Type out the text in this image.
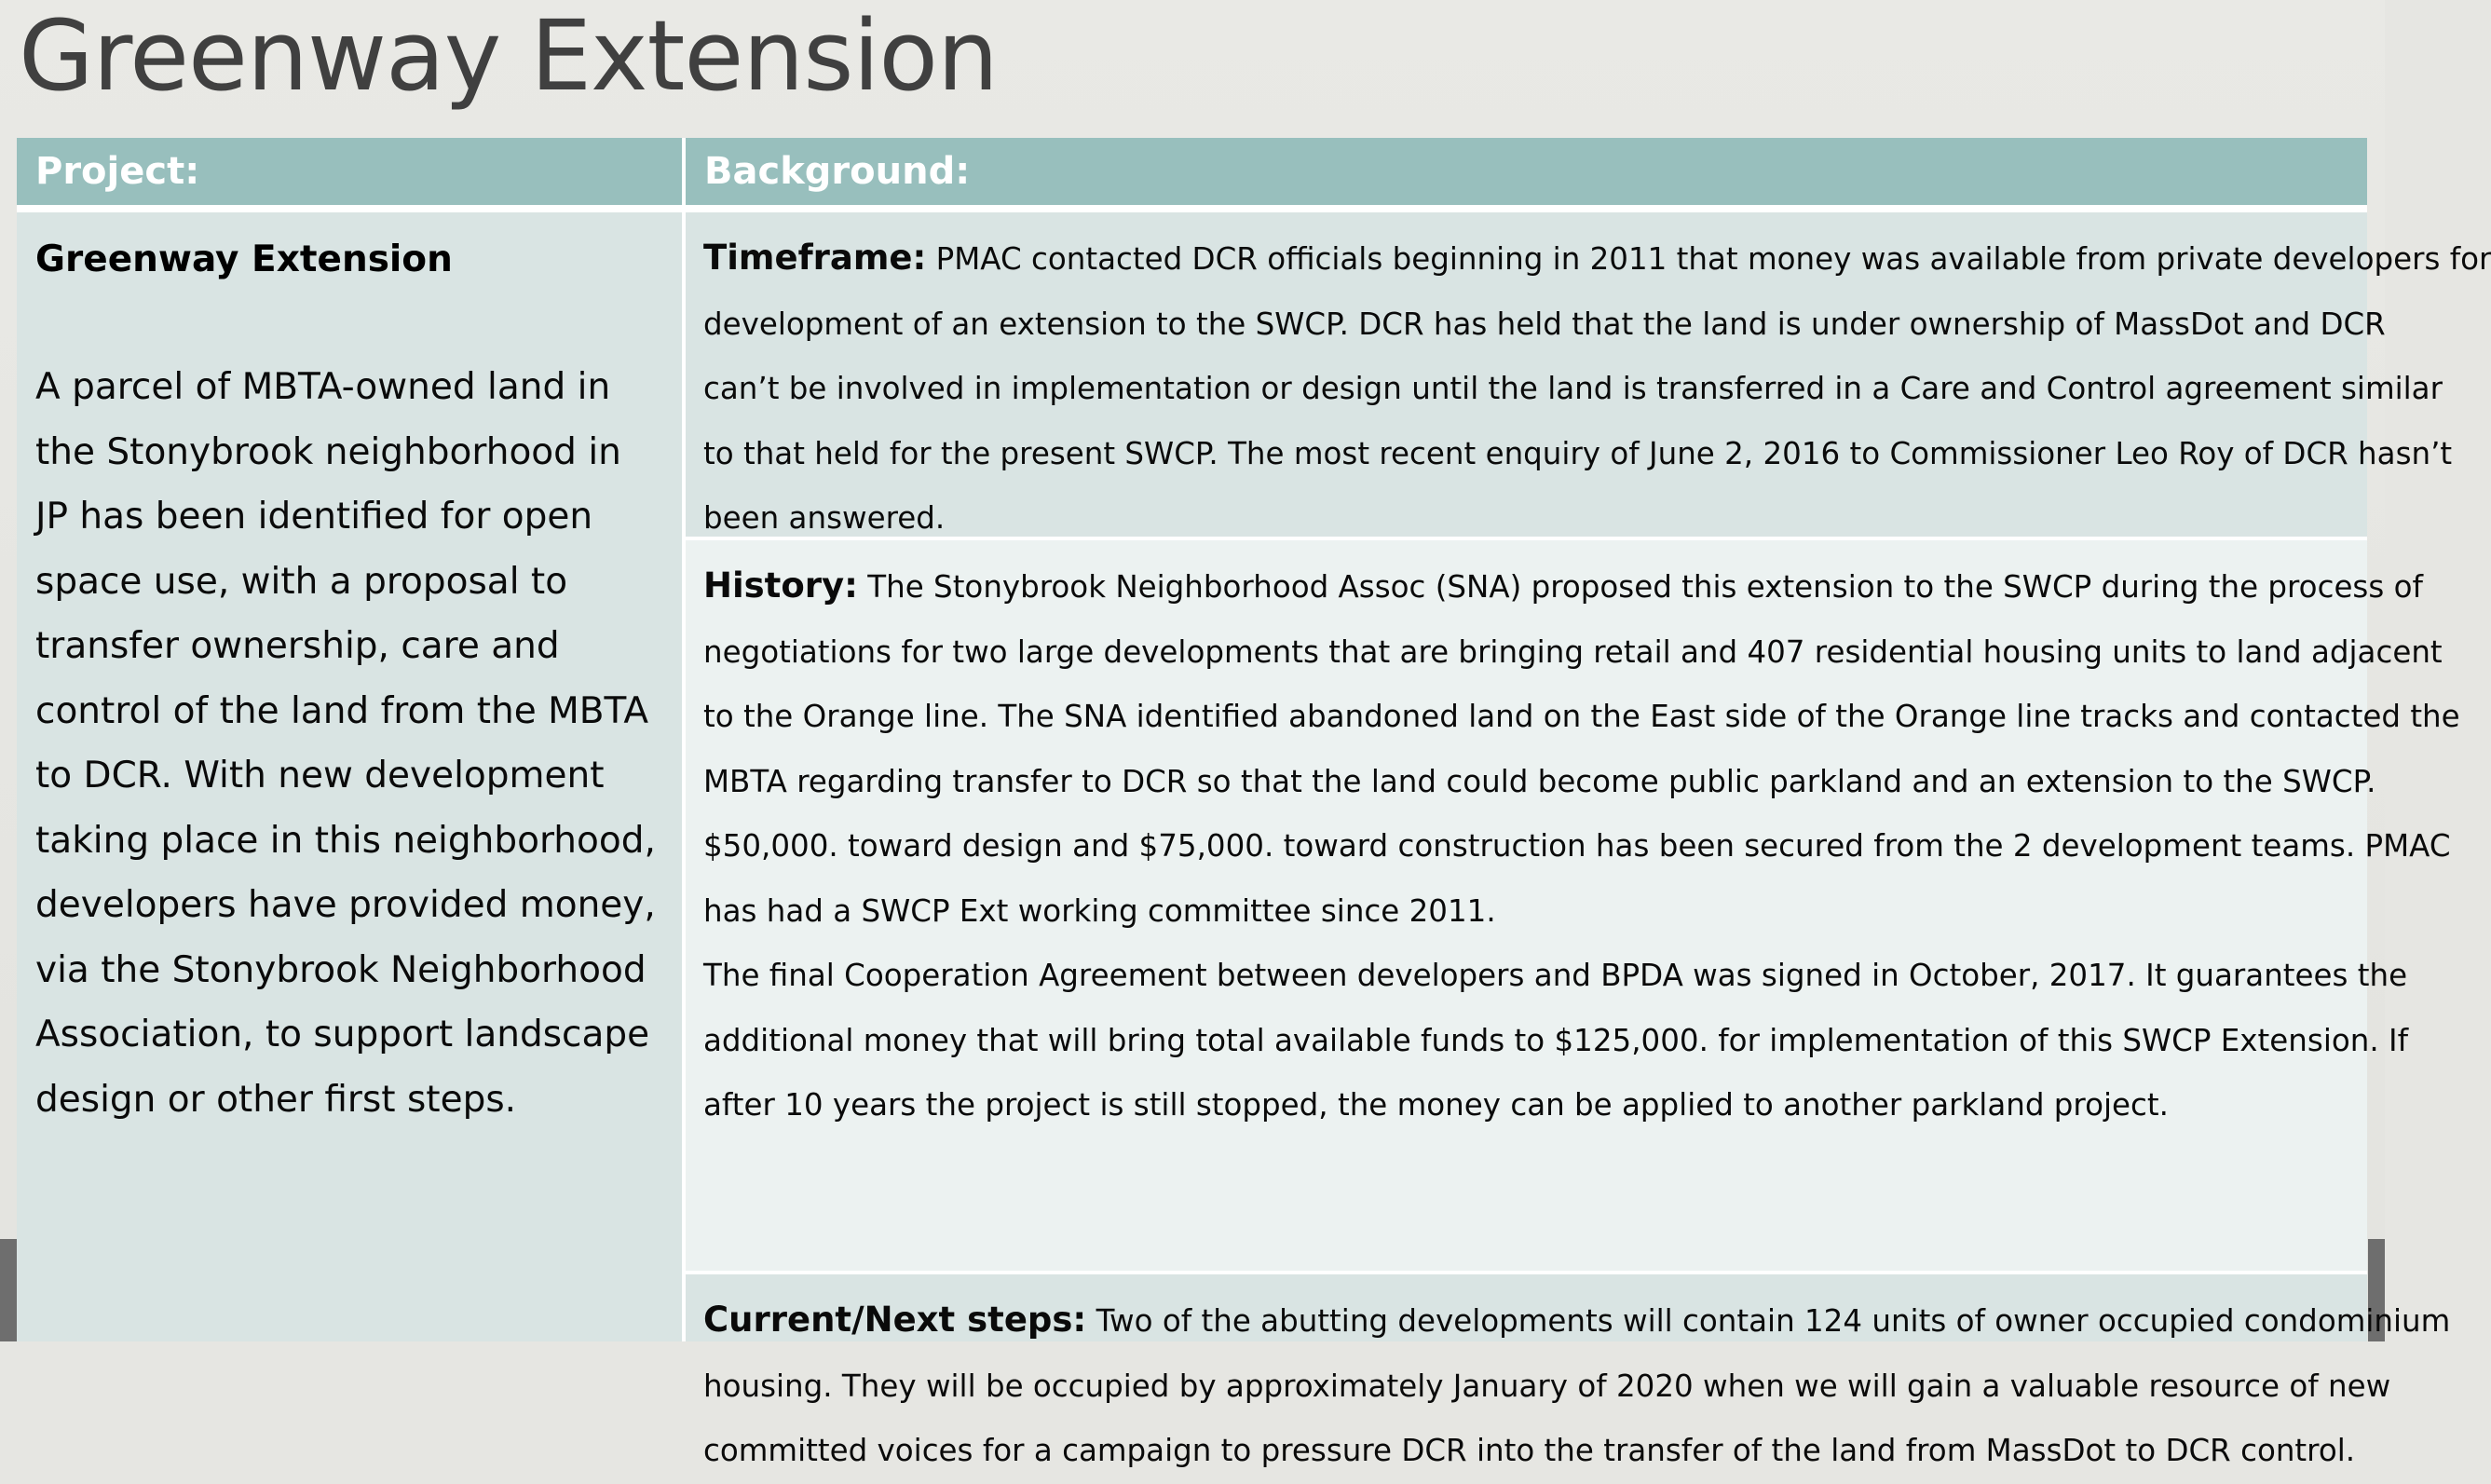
Greenway Extension
Project:	Background:
Greenway Extension
A parcel of MBTA-owned land in
the Stonybrook neighborhood in
JP has been identified for open
space use, with a proposal to
transfer ownership, care and
control of the land from the MBTA
to DCR. With new development
taking place in this neighborhood,
developers have provided money,
via the Stonybrook Neighborhood
Association, to support landscape
design or other first steps.
Timeframe: PMAC contacted DCR officials beginning in 2011 that money was available from private developers for
development of an extension to the SWCP. DCR has held that the land is under ownership of MassDot and DCR
can’t be involved in implementation or design until the land is transferred in a Care and Control agreement similar
to that held for the present SWCP. The most recent enquiry of June 2, 2016 to Commissioner Leo Roy of DCR hasn’t
been answered.
History: The Stonybrook Neighborhood Assoc (SNA) proposed this extension to the SWCP during the process of
negotiations for two large developments that are bringing retail and 407 residential housing units to land adjacent
to the Orange line. The SNA identified abandoned land on the East side of the Orange line tracks and contacted the
MBTA regarding transfer to DCR so that the land could become public parkland and an extension to the SWCP.
$50,000. toward design and $75,000. toward construction has been secured from the 2 development teams. PMAC
has had a SWCP Ext working committee since 2011.
The final Cooperation Agreement between developers and BPDA was signed in October, 2017. It guarantees the
additional money that will bring total available funds to $125,000. for implementation of this SWCP Extension. If
after 10 years the project is still stopped, the money can be applied to another parkland project.
Current/Next steps: Two of the abutting developments will contain 124 units of owner occupied condominium
housing. They will be occupied by approximately January of 2020 when we will gain a valuable resource of new
committed voices for a campaign to pressure DCR into the transfer of the land from MassDot to DCR control.
